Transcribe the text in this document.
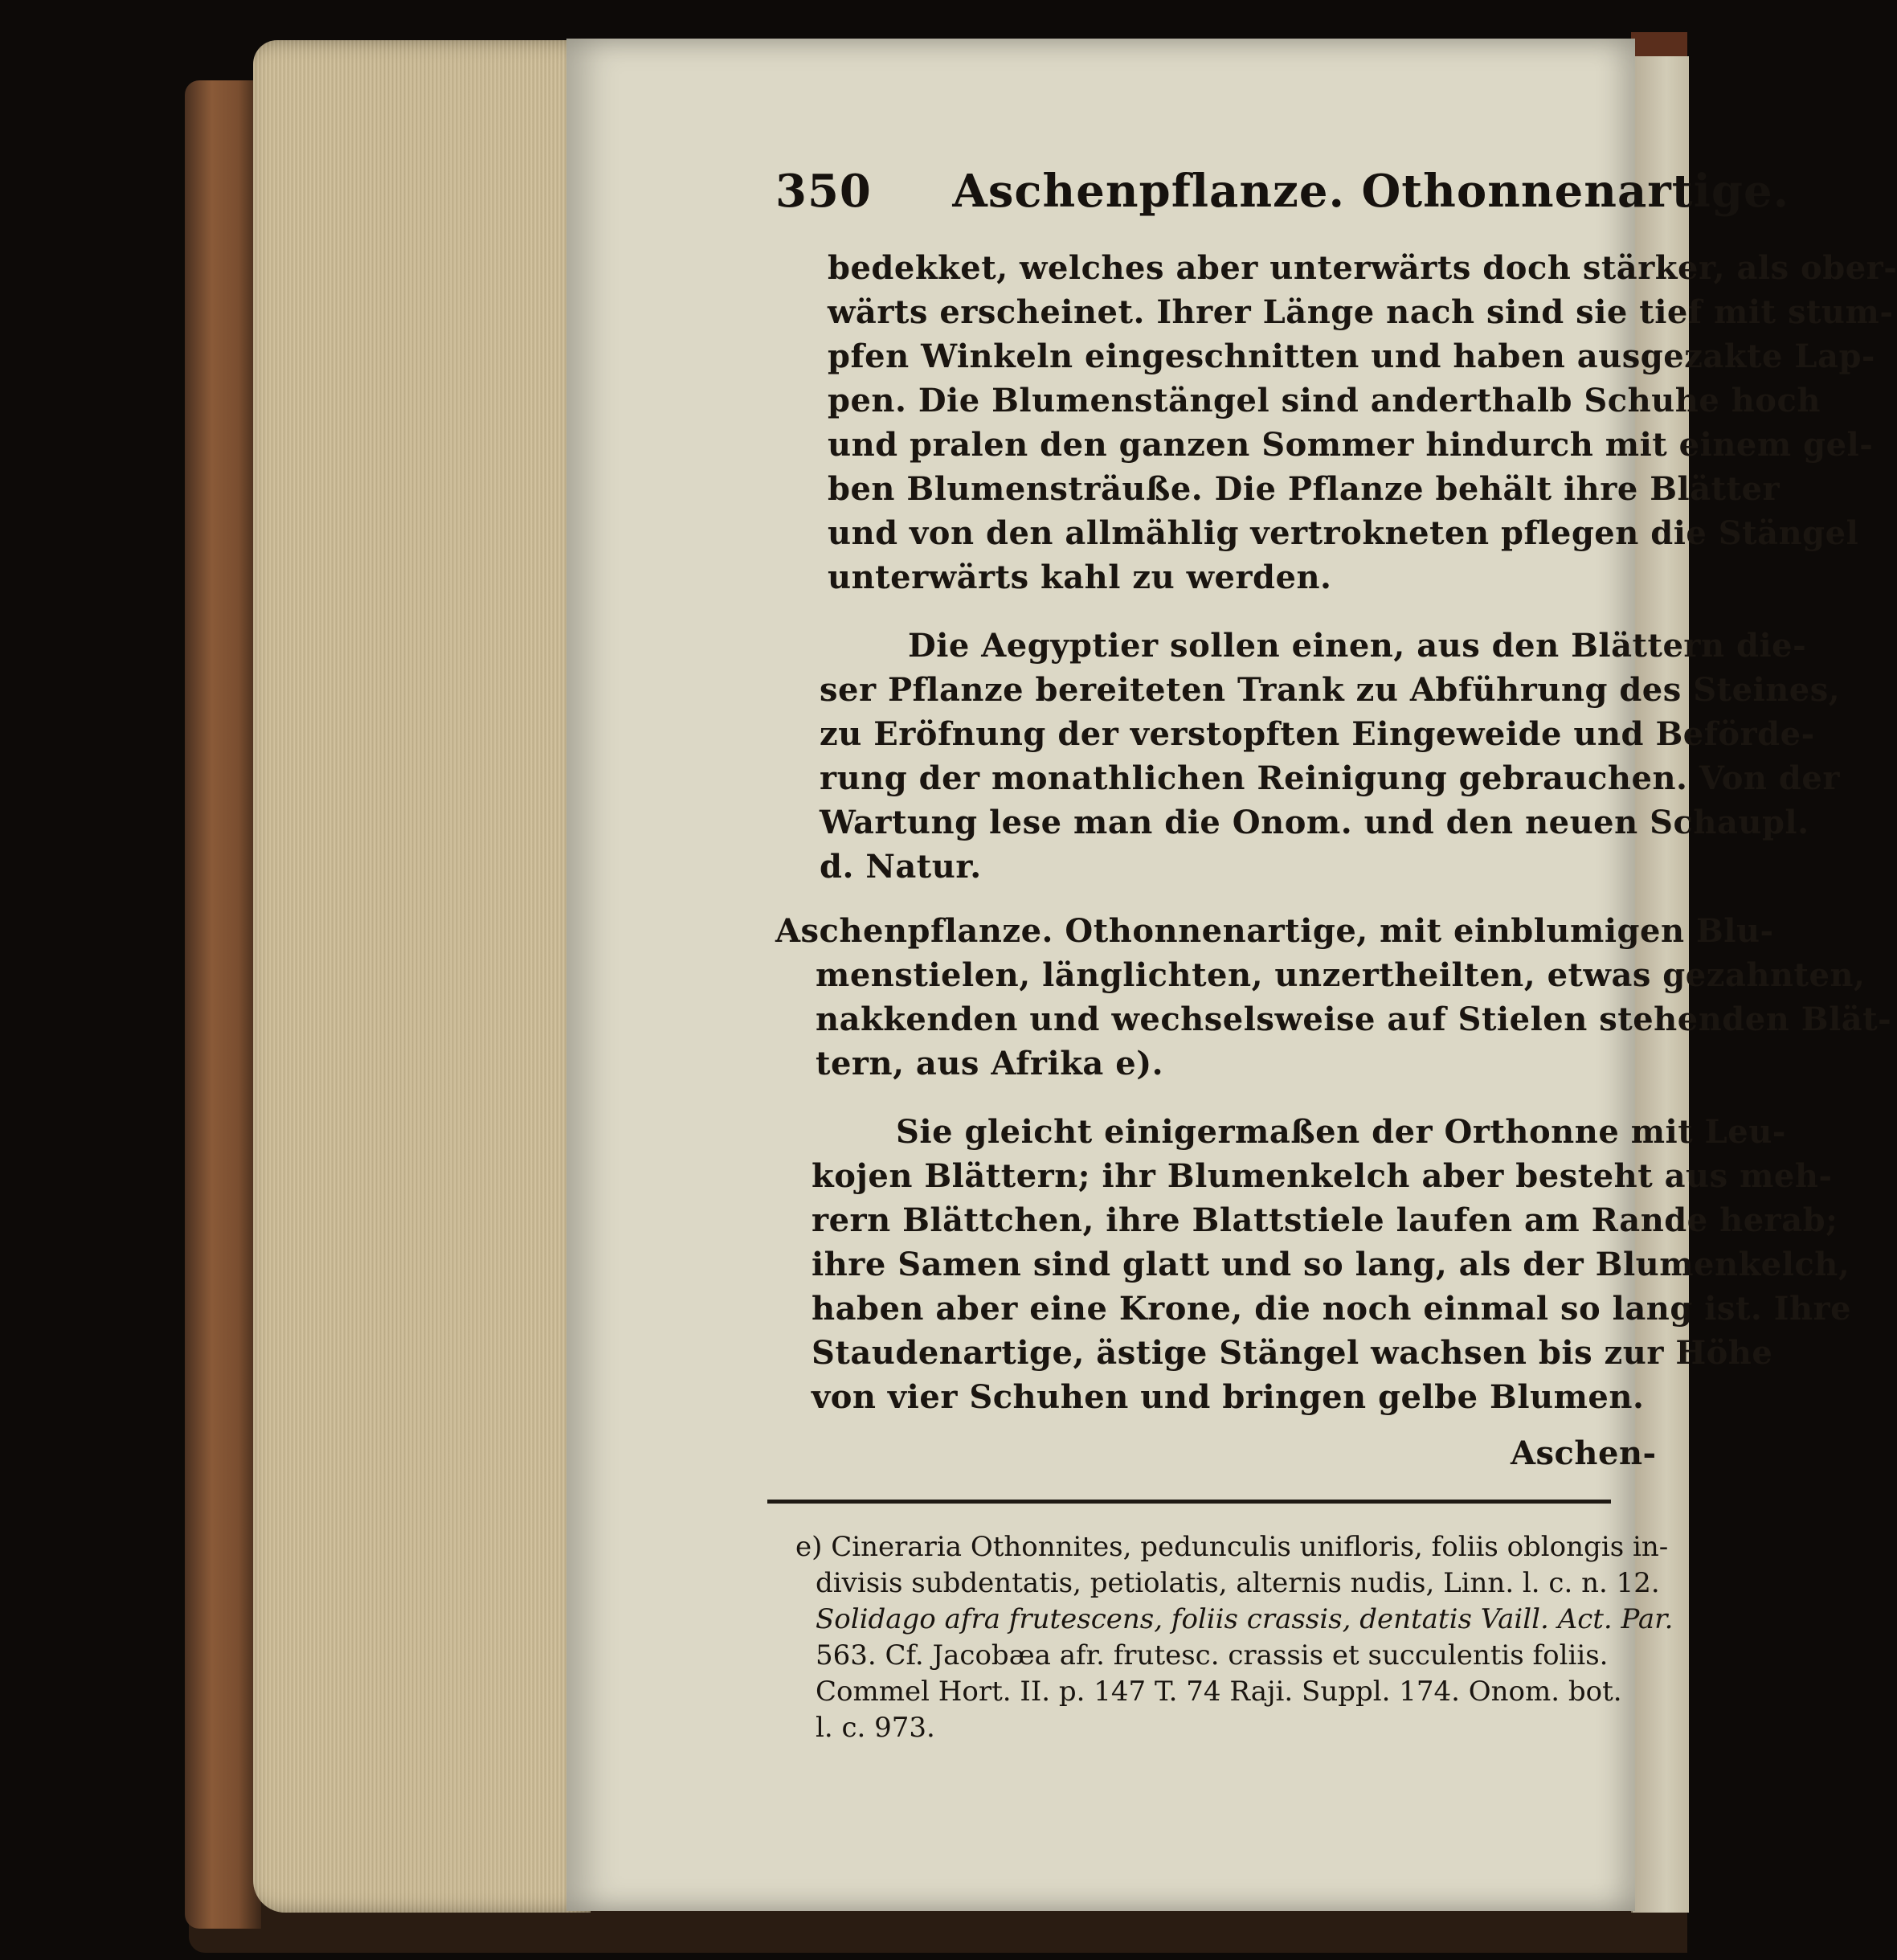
350 Aschenpflanze. Othonnenartige.
bedekket, welches aber unterwärts doch stärker, als ober-
wärts erscheinet. Ihrer Länge nach sind sie tief mit stum-
pfen Winkeln eingeschnitten und haben ausgezakte Lap-
pen. Die Blumenstängel sind anderthalb Schuhe hoch
und pralen den ganzen Sommer hindurch mit einem gel-
ben Blumensträuße. Die Pflanze behält ihre Blätter
und von den allmählig vertrokneten pflegen die Stängel
unterwärts kahl zu werden.
Die Aegyptier sollen einen, aus den Blättern die-
ser Pflanze bereiteten Trank zu Abführung des Steines,
zu Eröfnung der verstopften Eingeweide und Beförde-
rung der monathlichen Reinigung gebrauchen. Von der
Wartung lese man die Onom. und den neuen Schaupl.
d. Natur.
Aschenpflanze. Othonnenartige, mit einblumigen Blu-
menstielen, länglichten, unzertheilten, etwas gezahnten,
nakkenden und wechselsweise auf Stielen stehenden Blät-
tern, aus Afrika e).
Sie gleicht einigermaßen der Orthonne mit Leu-
kojen Blättern; ihr Blumenkelch aber besteht aus meh-
rern Blättchen, ihre Blattstiele laufen am Rande herab;
ihre Samen sind glatt und so lang, als der Blumenkelch,
haben aber eine Krone, die noch einmal so lang ist. Ihre
Staudenartige, ästige Stängel wachsen bis zur Höhe
von vier Schuhen und bringen gelbe Blumen.
Aschen-
e) Cineraria Othonnites, pedunculis unifloris, foliis oblongis in-
divisis subdentatis, petiolatis, alternis nudis, Linn. l. c. n. 12.
Solidago afra frutescens, foliis crassis, dentatis Vaill. Act. Par.
563. Cf. Jacobæa afr. frutesc. crassis et succulentis foliis.
Commel Hort. II. p. 147 T. 74 Raji. Suppl. 174. Onom. bot.
l. c. 973.
